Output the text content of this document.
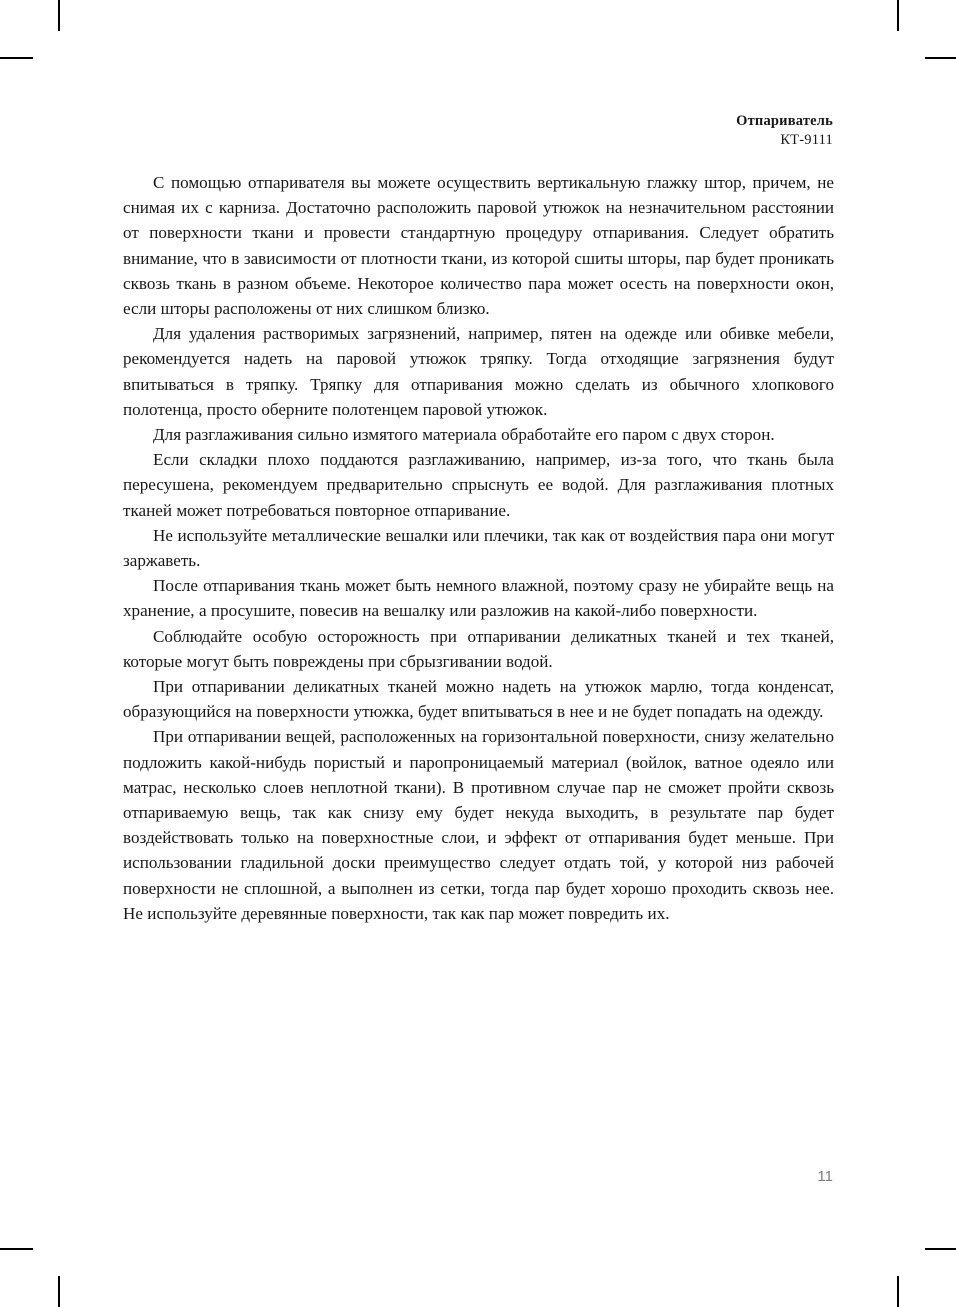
Отпариватель
КТ-9111

С помощью отпаривателя вы можете осуществить вертикальную глажку штор, причем, не снимая их с карниза. Достаточно расположить паровой утюжок на незначительном расстоянии от поверхности ткани и провести стандартную процедуру отпаривания. Следует обратить внимание, что в зависимости от плотности ткани, из которой сшиты шторы, пар будет проникать сквозь ткань в разном объеме. Некоторое количество пара может осесть на поверхности окон, если шторы расположены от них слишком близко.

Для удаления растворимых загрязнений, например, пятен на одежде или обивке мебели, рекомендуется надеть на паровой утюжок тряпку. Тогда отходящие загрязнения будут впитываться в тряпку. Тряпку для отпаривания можно сделать из обычного хлопкового полотенца, просто оберните полотенцем паровой утюжок.

Для разглаживания сильно измятого материала обработайте его паром с двух сторон.

Если складки плохо поддаются разглаживанию, например, из-за того, что ткань была пересушена, рекомендуем предварительно спрыснуть ее водой. Для разглаживания плотных тканей может потребоваться повторное отпаривание.

Не используйте металлические вешалки или плечики, так как от воздействия пара они могут заржаветь.

После отпаривания ткань может быть немного влажной, поэтому сразу не убирайте вещь на хранение, а просушите, повесив на вешалку или разложив на какой-либо поверхности.

Соблюдайте особую осторожность при отпаривании деликатных тканей и тех тканей, которые могут быть повреждены при сбрызгивании водой.

При отпаривании деликатных тканей можно надеть на утюжок марлю, тогда конденсат, образующийся на поверхности утюжка, будет впитываться в нее и не будет попадать на одежду.

При отпаривании вещей, расположенных на горизонтальной поверхности, снизу желательно подложить какой-нибудь пористый и паропроницаемый материал (войлок, ватное одеяло или матрас, несколько слоев неплотной ткани). В противном случае пар не сможет пройти сквозь отпариваемую вещь, так как снизу ему будет некуда выходить, в результате пар будет воздействовать только на поверхностные слои, и эффект от отпаривания будет меньше. При использовании гладильной доски преимущество следует отдать той, у которой низ рабочей поверхности не сплошной, а выполнен из сетки, тогда пар будет хорошо проходить сквозь нее. Не используйте деревянные поверхности, так как пар может повредить их.

11
